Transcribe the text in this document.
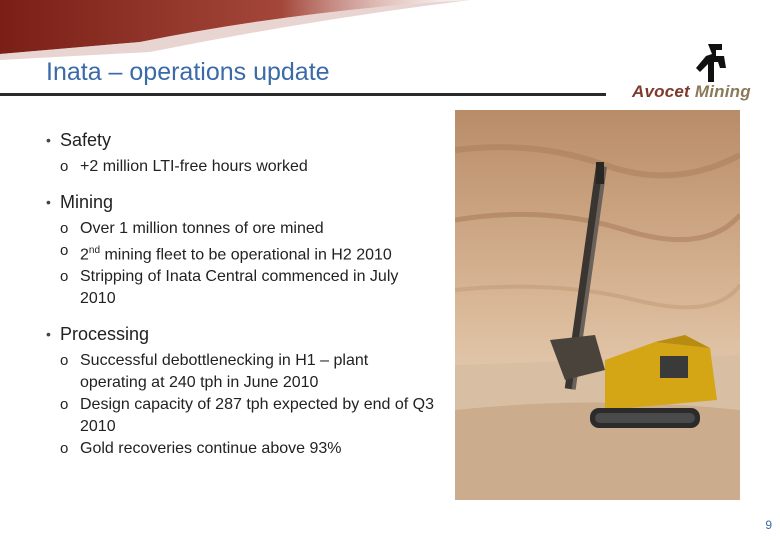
Inata – operations update
Avocet Mining
• Safety
o +2 million LTI-free hours worked
• Mining
o Over 1 million tonnes of ore mined
o 2nd mining fleet to be operational in H2 2010
o Stripping of Inata Central commenced in July 2010
• Processing
o Successful debottlenecking in H1 – plant operating at 240 tph in June 2010
o Design capacity of 287 tph expected by end of Q3 2010
o Gold recoveries continue above 93%
9
